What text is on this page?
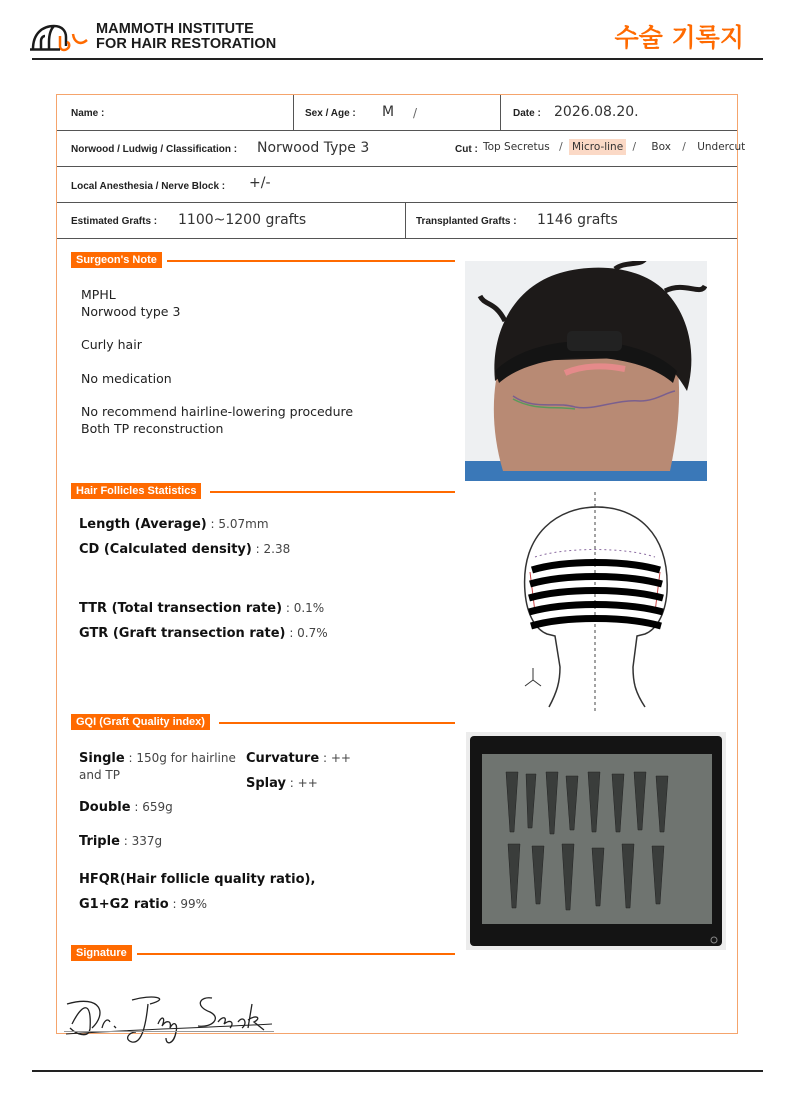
MAMMOTH INSTITUTE
FOR HAIR RESTORATION	수술 기록지
Name :	Sex / Age : M /	Date : 2026.08.20.
Norwood / Ludwig / Classification : Norwood Type 3	Cut : Top Secretus / Micro-line / Box / Undercut
Local Anesthesia / Nerve Block : +/-
Estimated Grafts : 1100~1200 grafts	Transplanted Grafts : 1146 grafts
Surgeon's Note
MPHL
Norwood type 3
Curly hair
No medication
No recommend hairline-lowering procedure
Both TP reconstruction
Hair Follicles Statistics
Length (Average) : 5.07mm
CD (Calculated density) : 2.38
TTR (Total transection rate) : 0.1%
GTR (Graft transection rate) : 0.7%
GQI (Graft Quality index)
Single : 150g for hairline
and TP
Double : 659g
Triple : 337g
Curvature : ++
Splay : ++
HFQR(Hair follicle quality ratio),
G1+G2 ratio : 99%
Signature
